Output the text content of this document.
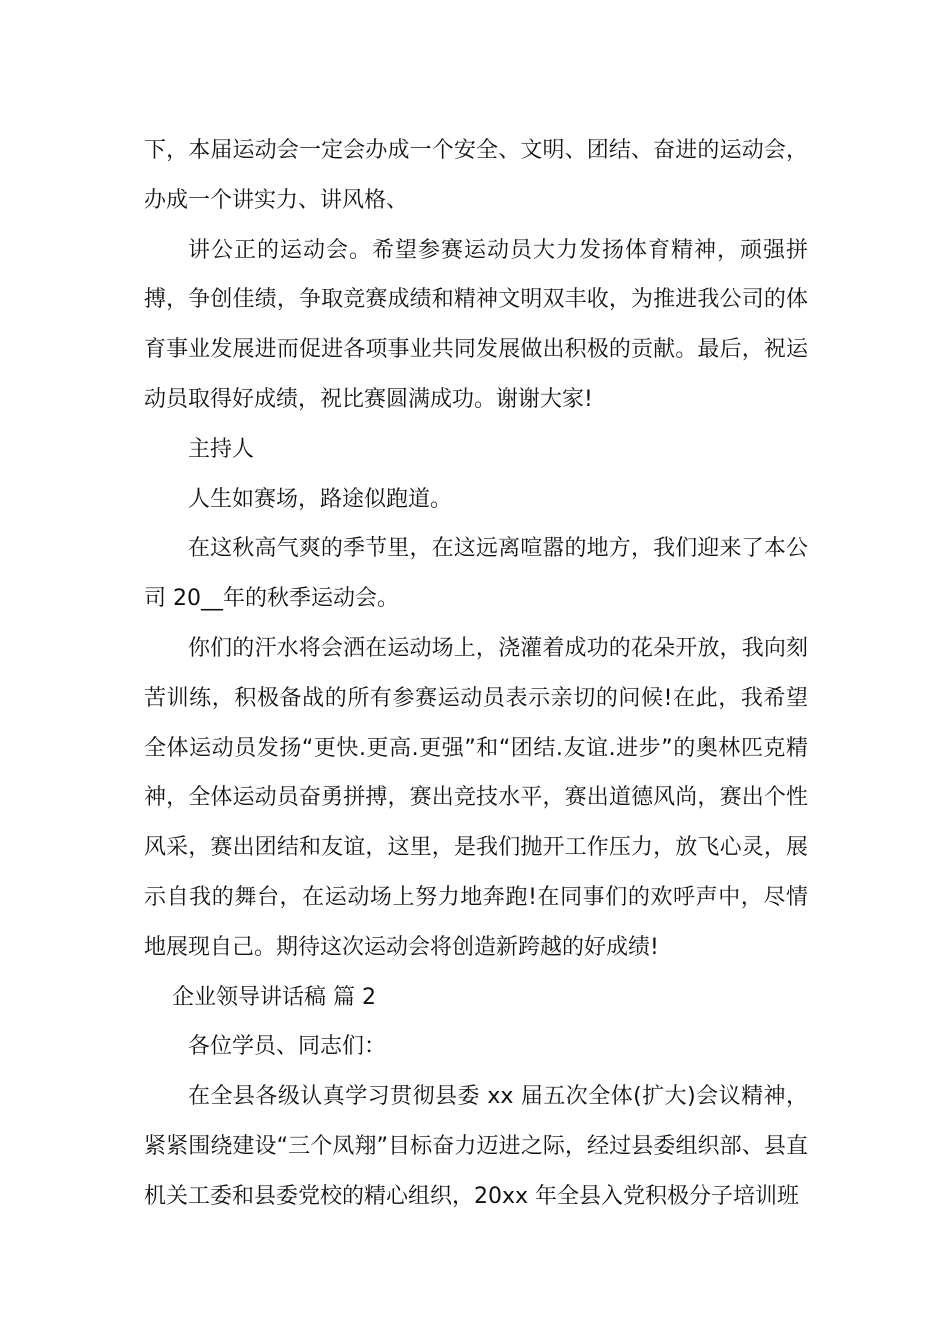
下，本届运动会一定会办成一个安全、文明、团结、奋进的运动会，办成一个讲实力、讲风格、

讲公正的运动会。希望参赛运动员大力发扬体育精神，顽强拼搏，争创佳绩，争取竞赛成绩和精神文明双丰收，为推进我公司的体育事业发展进而促进各项事业共同发展做出积极的贡献。最后，祝运动员取得好成绩，祝比赛圆满成功。谢谢大家!

主持人

人生如赛场，路途似跑道。

在这秋高气爽的季节里，在这远离喧嚣的地方，我们迎来了本公司 20__年的秋季运动会。

你们的汗水将会洒在运动场上，浇灌着成功的花朵开放，我向刻苦训练，积极备战的所有参赛运动员表示亲切的问候!在此，我希望全体运动员发扬“更快.更高.更强”和“团结.友谊.进步”的奥林匹克精神，全体运动员奋勇拼搏，赛出竞技水平，赛出道德风尚，赛出个性风采，赛出团结和友谊，这里，是我们抛开工作压力，放飞心灵，展示自我的舞台，在运动场上努力地奔跑!在同事们的欢呼声中，尽情地展现自己。期待这次运动会将创造新跨越的好成绩!

企业领导讲话稿 篇 2

各位学员、同志们：

在全县各级认真学习贯彻县委 xx 届五次全体(扩大)会议精神，紧紧围绕建设“三个凤翔”目标奋力迈进之际，经过县委组织部、县直机关工委和县委党校的精心组织，20xx 年全县入党积极分子培训班
